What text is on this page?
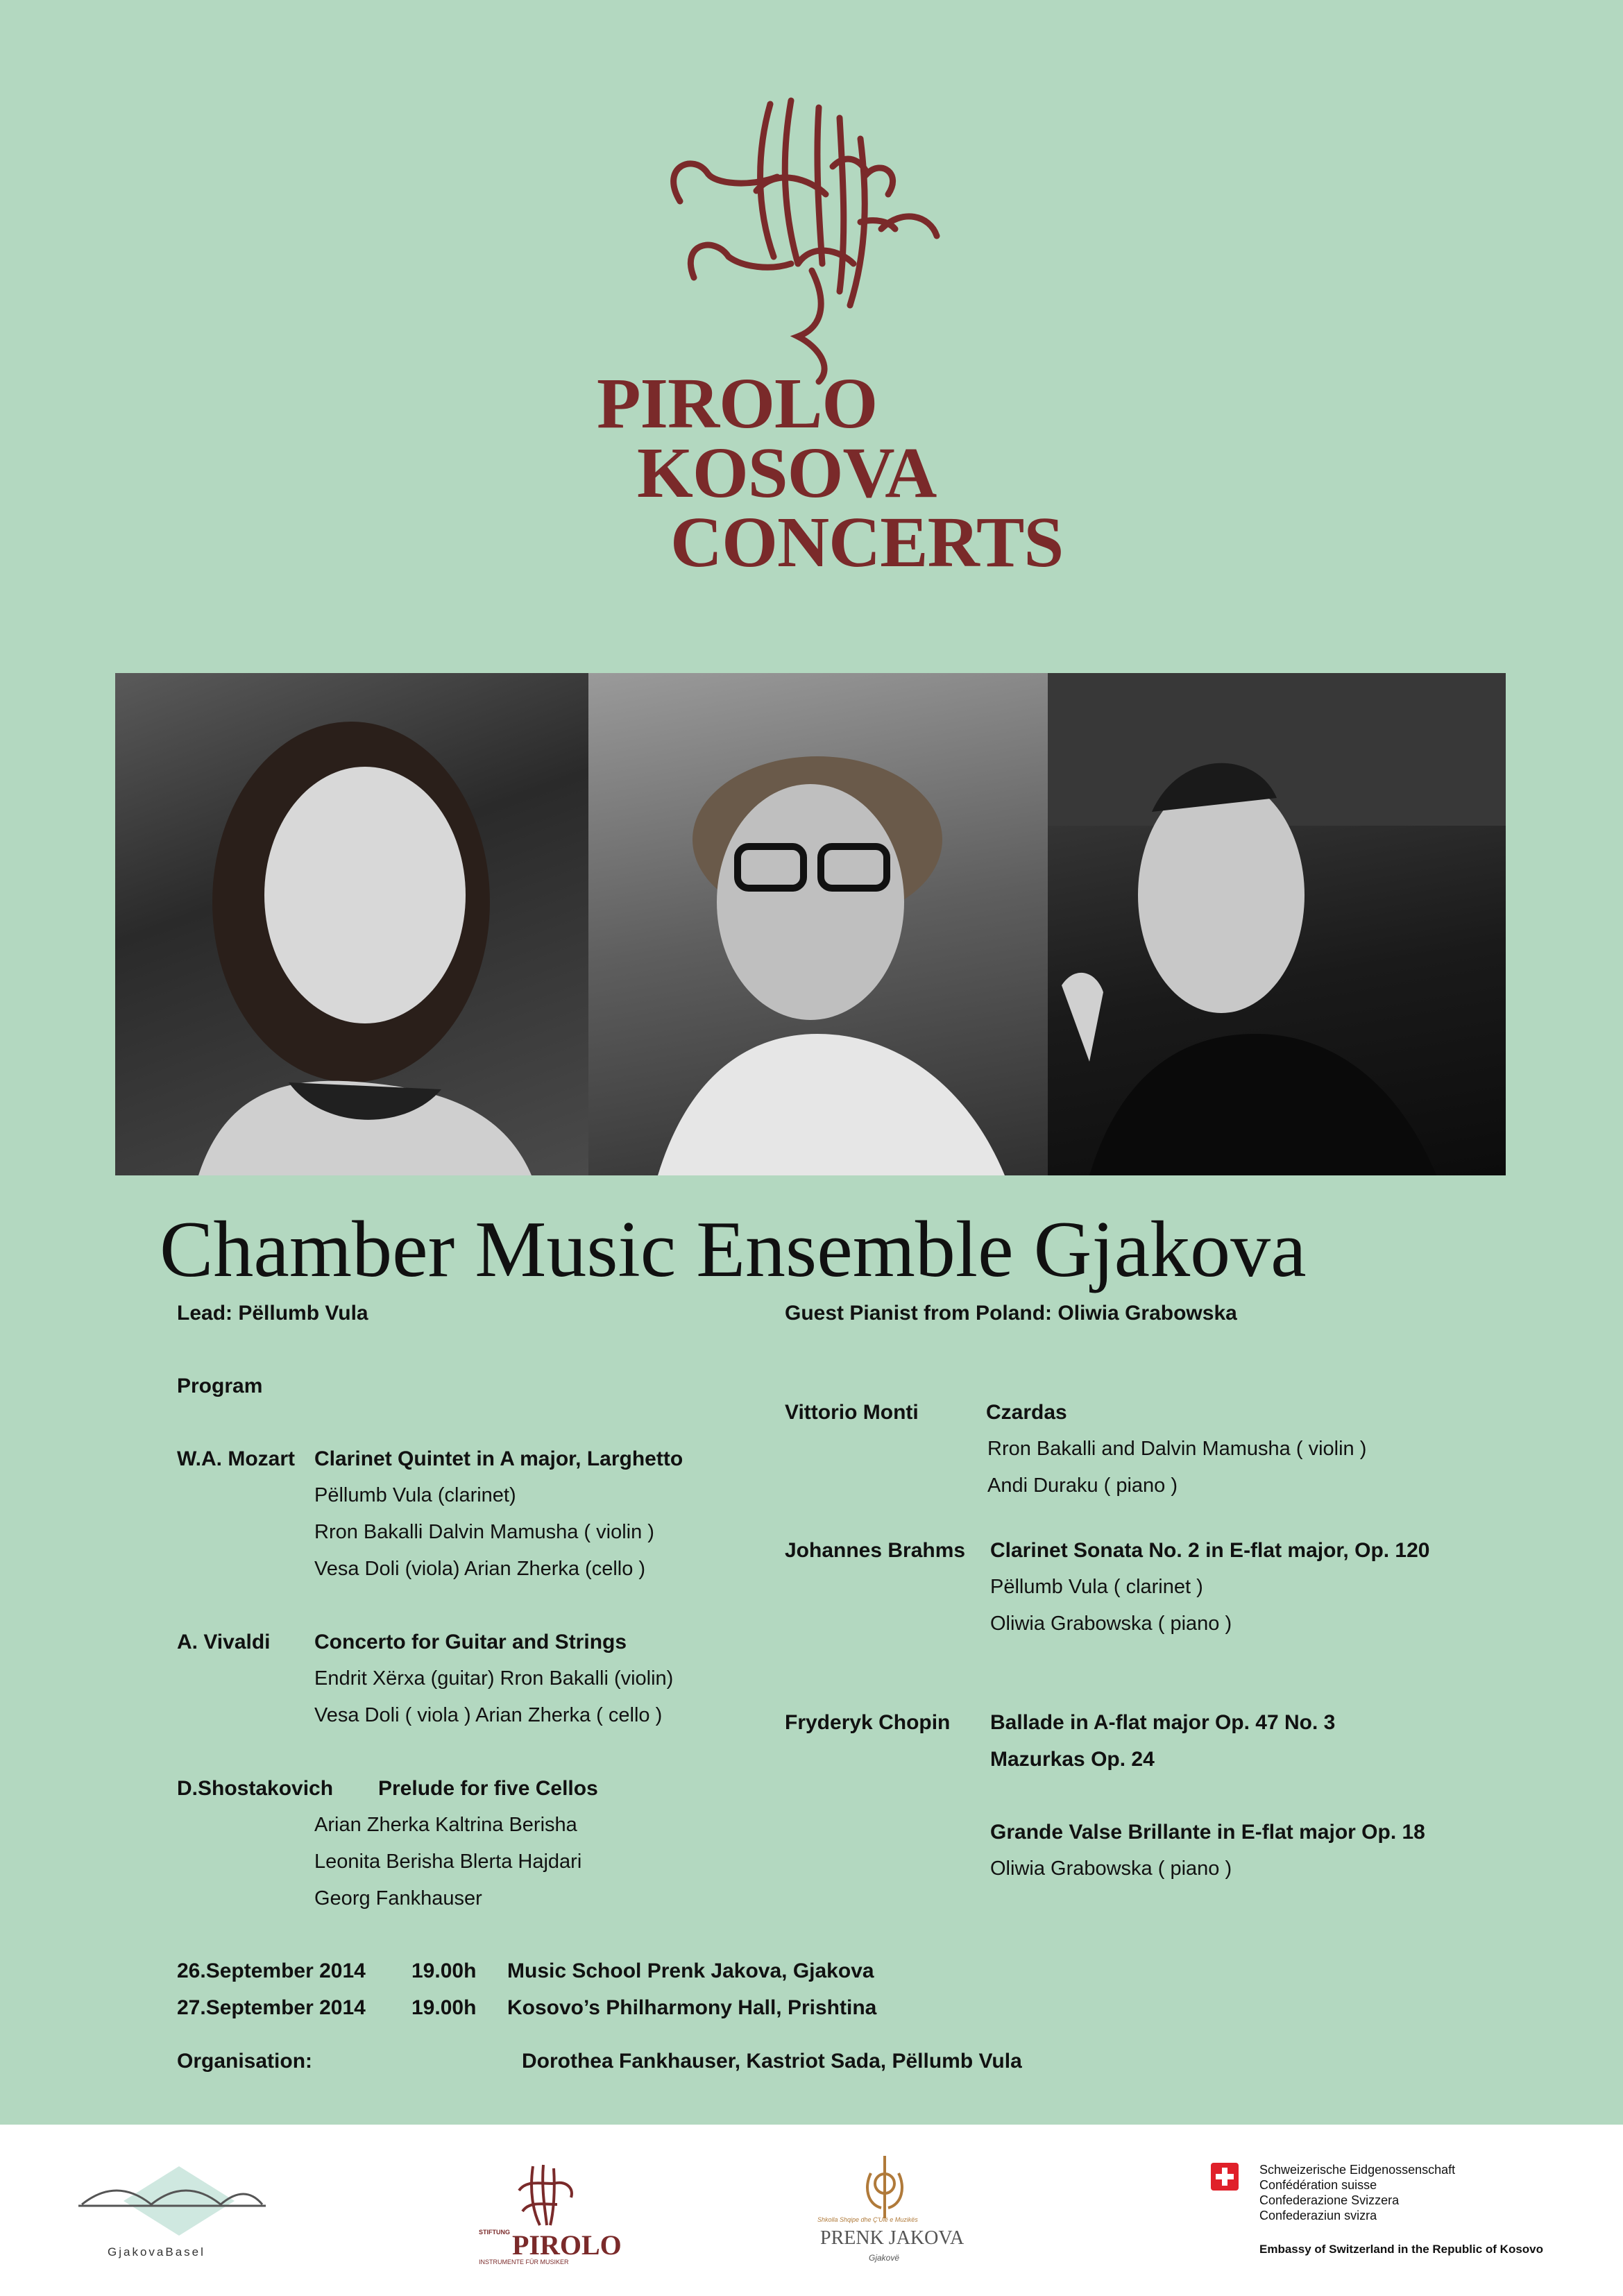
PIROLO
KOSOVA
CONCERTS
Chamber Music Ensemble Gjakova
Lead: Pëllumb Vula
Program
W.A. Mozart Clarinet Quintet in A major, Larghetto
Pëllumb Vula (clarinet)
Rron Bakalli Dalvin Mamusha ( violin )
Vesa Doli (viola) Arian Zherka (cello )
A. Vivaldi Concerto for Guitar and Strings
Endrit Xërxa (guitar) Rron Bakalli (violin)
Vesa Doli ( viola ) Arian Zherka ( cello )
D.Shostakovich Prelude for five Cellos
Arian Zherka Kaltrina Berisha
Leonita Berisha Blerta Hajdari
Georg Fankhauser
Guest Pianist from Poland: Oliwia Grabowska
Vittorio Monti	Czardas
Rron Bakalli and Dalvin Mamusha ( violin )
Andi Duraku ( piano )
Johannes Brahms Clarinet Sonata No. 2 in E-flat major, Op. 120
Pëllumb Vula ( clarinet )
Oliwia Grabowska ( piano )
Fryderyk Chopin Ballade in A-flat major Op. 47 No. 3
Mazurkas Op. 24
Grande Valse Brillante in E-flat major Op. 18
Oliwia Grabowska ( piano )
26.September 2014 19.00h Music School Prenk Jakova, Gjakova
27.September 2014 19.00h Kosovo’s Philharmony Hall, Prishtina
Organisation:	Dorothea Fankhauser, Kastriot Sada, Pëllumb Vula
GjakovaBasel
STIFTUNG PIROLO
INSTRUMENTE FÜR MUSIKER
Shkolla Shqipe dhe Ç'Ulë e Muzikës
PRENK JAKOVA
Gjakovë
Schweizerische Eidgenossenschaft
Confédération suisse
Confederazione Svizzera
Confederaziun svizra
Embassy of Switzerland in the Republic of Kosovo
